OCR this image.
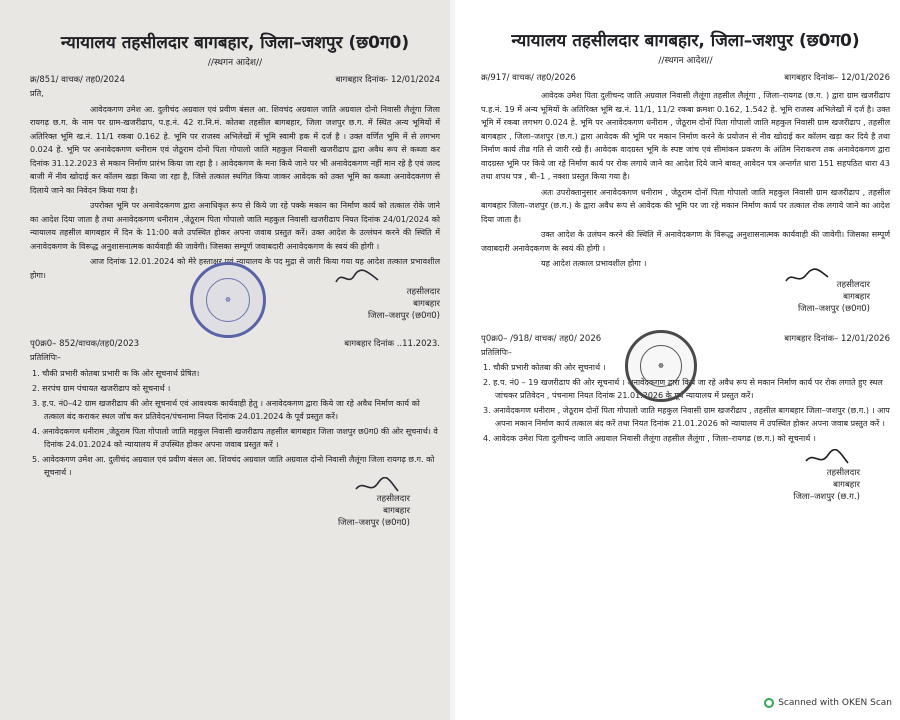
न्यायालय तहसीलदार बागबहार, जिला–जशपुर (छ0ग0)

//स्थगन आदेश//

क्र/851/ वाचक/ तह0/2024	बागबहार दिनांक- 12/01/2024
प्रति,

आवेदकगण उमेश आ. दुलीचंद अग्रवाल एवं प्रवीण बंसल आ. शिवचंद अग्रवाल जाति अग्रवाल दोनो निवासी लैलूंगा जिला रायगढ़ छ.ग. के नाम पर ग्राम-खजरीढाप, प.ह.नं. 42 रा.नि.मं. कोतबा तहसील बागबहार, जिला जशपुर छ.ग. में स्थित अन्य भूमियों में अतिरिक्त भूमि ख.नं. 11/1 रकबा 0.162 हे. भूमि पर राजस्व अभिलेखों में भूमि स्वामी हक में दर्ज है । उक्त वर्णित भूमि में से लगभग 0.024 हे. भूमि पर अनावेदकगण धनीराम एवं जेठूराम दोनो पिता गोपालो जाति महकुल निवासी खजरीढाप द्वारा अवैध रूप से कब्जा कर दिनांक 31.12.2023 से मकान निर्माण प्रारंभ किया जा रहा है । आवेदकगण के मना किये जाने पर भी अनावेदकगण नहीं मान रहे है एवं जल्द बाजी में नीव खोदाई कर कॉलम खड़ा किया जा रहा है, जिसे तत्काल स्थगित किया जाकर आवेदक को उक्त भूमि का कब्जा अनावेदकगण से दिलाये जाने का निवेदन किया गया है।

उपरोक्त भूमि पर अनावेदकगण द्वारा अनाधिकृत रूप से किये जा रहे पक्के मकान का निर्माण कार्य को तत्काल रोके जाने का आदेश दिया जाता है तथा अनावेदकगण धनीराम ,जेठूराम पिता गोपालो जाति महकुल निवासी खजरीढाप नियत दिनांक 24/01/2024 को न्यायालय तहसील बागबहार में दिन के 11:00 बजे उपस्थित होकर अपना जवाब प्रस्तुत करें। उक्त आदेश के उल्लंघन करने की स्थिति में अनावेदकगण के विरूद्ध अनुशासनात्मक कार्यवाही की जावेगी। जिसका सम्पूर्ण जवाबदारी अनावेदकगण के स्वयं की होगी ।

आज दिनांक 12.01.2024 को मेरे हस्ताक्षर एवं न्यायालय के पद मुद्रा से जारी किया गया यह आदेश तत्काल प्रभावशील होगा।

☸
तहसीलदार
बागबहार
जिला–जशपुर (छ0ग0)
पृ0क्र0– 852/वाचक/तह0/2023	बागबहार दिनांक ..11.2023.
प्रतिलिपिः–
1. चौकी प्रभारी कोतबा प्रभारी क कि ओर सूचनार्थ प्रेषित।
2. सरपंच ग्राम पंचायत खजरीढाप को सूचनार्थ ।
3. ह.प. नं0–42 ग्राम खजरीढाप की ओर सूचनार्थ एवं आवश्यक कार्यवाही हेतु । अनावेदकगण द्वारा किये जा रहे अवैध निर्माण कार्य को तत्काल बंद कराकर स्थल जॉच कर प्रतिवेदन/पंचनामा नियत दिनांक 24.01.2024 के पूर्व प्रस्तुत करें।
4. अनावेदकगण धनीराम ,जेठूराम पिता गोपालो जाति महकुल निवासी खजरीढाप तहसील बागबहार जिला जशपुर छ0ग0 की ओर सूचनार्थ। वे दिनांक 24.01.2024 को न्यायालय में उपस्थित होकर अपना जवाब प्रस्तुत करें ।
5. आवेदकगण उमेश आ. दुलीचंद अग्रवाल एवं प्रवीण बंसल आ. शिवचंद अग्रवाल जाति अग्रवाल दोनो निवासी लैलूंगा जिला रायगढ़ छ.ग. को सूचनार्थ ।
तहसीलदार
बागबहार
जिला–जशपुर (छ0ग0)

न्यायालय तहसीलदार बागबहार, जिला–जशपुर (छ0ग0)

//स्थगन आदेश//

क्र/917/ वाचक/ तह0/2026	बागबहार दिनांक– 12/01/2026

आवेदक उमेश पिता दुलीचन्द जाति अग्रवाल निवासी लैलूंगा तहसील लैलूंगा , जिला–रायगढ (छ.ग. ) द्वारा ग्राम खजरीढाप प.ह.नं. 19 में अन्य भूमियों के अतिरिक्त भूमि ख.नं. 11/1, 11/2 रकबा क्रमशः 0.162, 1.542 हे. भूमि राजस्व अभिलेखों में दर्ज है। उक्त भूमि में रकबा लगभग 0.024 हे. भूमि पर अनावेदकगण धनीराम , जेठूराम दोनों पिता गोपालो जाति महकुल निवासी ग्राम खजरीढाप , तहसील बागबहार , जिला–जशपुर (छ.ग.) द्वारा आवेदक की भूमि पर मकान निर्माण करने के प्रयोजन से नीव खोदाई कर कॉलम खड़ा कर दिये है तथा निर्माण कार्य तीव्र गति से जारी रखे हैं। आवेदक वादग्रस्त भूमि के स्पष्ट जांच एवं सीमांकन प्रकरण के अंतिम निराकरण तक अनावेदकगण द्वारा वादग्रस्त भूमि पर किये जा रहे निर्माण कार्य पर रोक लगाये जाने का आदेश दिये जाने बावत् आवेदन पत्र अन्तर्गत धारा 151 सहपठित धारा 43 तथा शपथ पत्र , बी–1 , नक्शा प्रस्तुत किया गया है।

अतः उपरोक्तानुसार अनावेदकगण धनीराम , जेठूराम दोनों पिता गोपालो जाति महकुल निवासी ग्राम खजरीढाप , तहसील बागबहार जिला–जशपुर (छ.ग.) के द्वारा अवैध रूप से आवेदक की भूमि पर जा रहे मकान निर्माण कार्य पर तत्काल रोक लगाये जाने का आदेश दिया जाता है।

उक्त आदेश के उलंघन करने की स्थिति में अनावेदकगण के विरूद्ध अनुशासनात्मक कार्यवाही की जावेगी। जिसका सम्पूर्ण जवाबदारी अनावेदकगण के स्वयं की होगी ।

यह आदेश तत्काल प्रभावशील होगा ।

तहसीलदार
बागबहार
जिला–जशपुर (छ0ग0)
☸
पृ0क्र0– /918/ वाचक/ तह0/ 2026	बागबहार दिनांक– 12/01/2026
प्रतिलिपिः–
1. चौकी प्रभारी कोतबा की ओर सूचनार्थ ।
2. ह.प. नं0 – 19 खजरीढाप की ओर सूचनार्थ । अनावेदकगण द्वारा किये जा रहे अवैध रूप से मकान निर्माण कार्य पर रोक लगाते हुए स्थल जांचकर प्रतिवेदन , पंचनामा नियत दिनांक 21.01.2026 के पूर्व न्यायालय में प्रस्तुत करें।
3. अनावेदकगण धनीराम , जेठूराम दोनों पिता गोपालो जाति महकुल निवासी ग्राम खजरीढाप , तहसील बागबहार जिला–जशपुर (छ.ग.) । आप अपना मकान निर्माण कार्य तत्काल बंद करें तथा नियत दिनांक 21.01.2026 को न्यायालय में उपस्थित होकर अपना जवाब प्रस्तुत करें ।
4. आवेदक उमेश पिता दुलीचन्द जाति अग्रवाल निवासी लैलूंगा तहसील लैलूंगा , जिला–रायगढ (छ.ग.) को सूचनार्थ ।
तहसीलदार
बागबहार
जिला–जशपुर (छ.ग.)
Scanned with OKEN Scan
